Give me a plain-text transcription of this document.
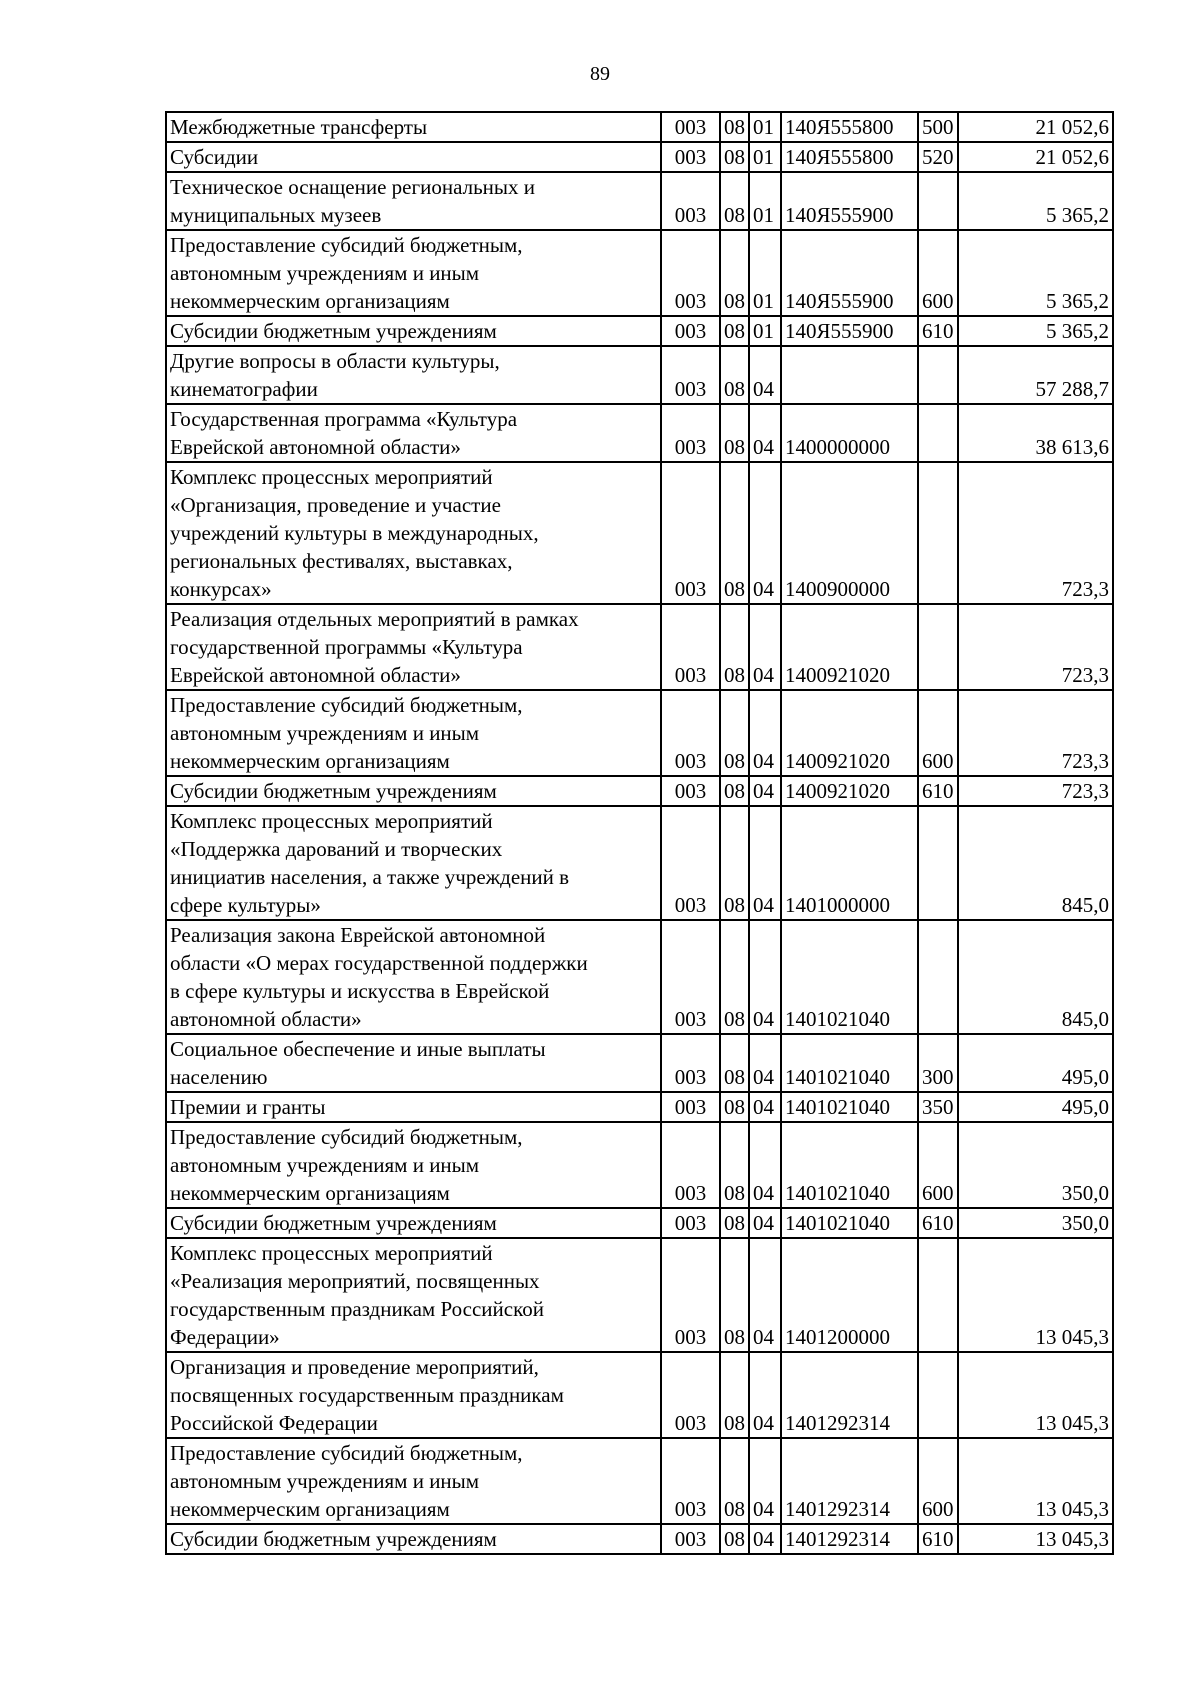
89
Межбюджетные трансферты	003	08	01	140Я555800	500	21 052,6
Субсидии	003	08	01	140Я555800	520	21 052,6
Техническое оснащение региональных и
муниципальных музеев	003	08	01	140Я555900		5 365,2
Предоставление субсидий бюджетным,
автономным учреждениям и иным
некоммерческим организациям	003	08	01	140Я555900	600	5 365,2
Субсидии бюджетным учреждениям	003	08	01	140Я555900	610	5 365,2
Другие вопросы в области культуры,
кинематографии	003	08	04			57 288,7
Государственная программа «Культура
Еврейской автономной области»	003	08	04	1400000000		38 613,6
Комплекс процессных мероприятий
«Организация, проведение и участие
учреждений культуры в международных,
региональных фестивалях, выставках,
конкурсах»	003	08	04	1400900000		723,3
Реализация отдельных мероприятий в рамках
государственной программы «Культура
Еврейской автономной области»	003	08	04	1400921020		723,3
Предоставление субсидий бюджетным,
автономным учреждениям и иным
некоммерческим организациям	003	08	04	1400921020	600	723,3
Субсидии бюджетным учреждениям	003	08	04	1400921020	610	723,3
Комплекс процессных мероприятий
«Поддержка дарований и творческих
инициатив населения, а также учреждений в
сфере культуры»	003	08	04	1401000000		845,0
Реализация закона Еврейской автономной
области «О мерах государственной поддержки
в сфере культуры и искусства в Еврейской
автономной области»	003	08	04	1401021040		845,0
Социальное обеспечение и иные выплаты
населению	003	08	04	1401021040	300	495,0
Премии и гранты	003	08	04	1401021040	350	495,0
Предоставление субсидий бюджетным,
автономным учреждениям и иным
некоммерческим организациям	003	08	04	1401021040	600	350,0
Субсидии бюджетным учреждениям	003	08	04	1401021040	610	350,0
Комплекс процессных мероприятий
«Реализация мероприятий, посвященных
государственным праздникам Российской
Федерации»	003	08	04	1401200000		13 045,3
Организация и проведение мероприятий,
посвященных государственным праздникам
Российской Федерации	003	08	04	1401292314		13 045,3
Предоставление субсидий бюджетным,
автономным учреждениям и иным
некоммерческим организациям	003	08	04	1401292314	600	13 045,3
Субсидии бюджетным учреждениям	003	08	04	1401292314	610	13 045,3
